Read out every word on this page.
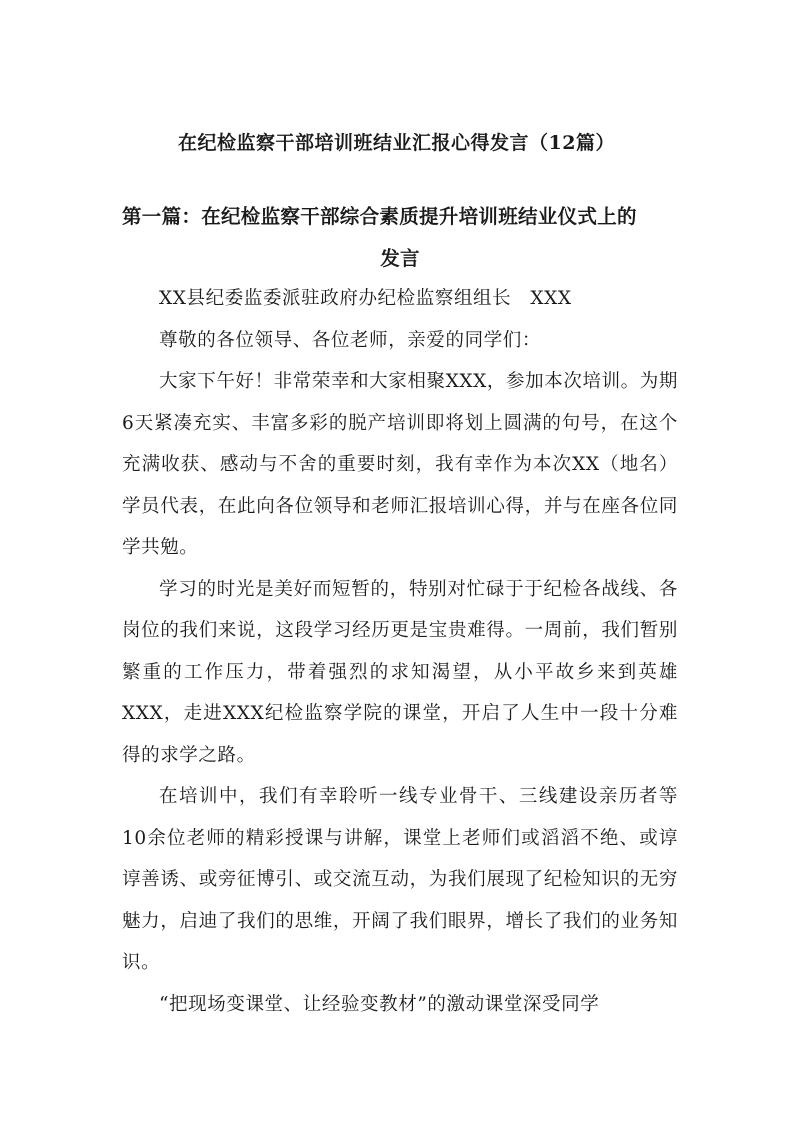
在纪检监察干部培训班结业汇报心得发言（12篇）
第一篇：在纪检监察干部综合素质提升培训班结业仪式上的
发言

XX县纪委监委派驻政府办纪检监察组组长　XXX

尊敬的各位领导、各位老师，亲爱的同学们：

大家下午好！非常荣幸和大家相聚XXX，参加本次培训。为期6天紧凑充实、丰富多彩的脱产培训即将划上圆满的句号，在这个充满收获、感动与不舍的重要时刻，我有幸作为本次XX（地名）学员代表，在此向各位领导和老师汇报培训心得，并与在座各位同学共勉。

学习的时光是美好而短暂的，特别对忙碌于于纪检各战线、各岗位的我们来说，这段学习经历更是宝贵难得。一周前，我们暂别繁重的工作压力，带着强烈的求知渴望，从小平故乡来到英雄XXX，走进XXX纪检监察学院的课堂，开启了人生中一段十分难得的求学之路。

在培训中，我们有幸聆听一线专业骨干、三线建设亲历者等10余位老师的精彩授课与讲解，课堂上老师们或滔滔不绝、或谆谆善诱、或旁征博引、或交流互动，为我们展现了纪检知识的无穷魅力，启迪了我们的思维，开阔了我们眼界，增长了我们的业务知识。

“把现场变课堂、让经验变教材”的激动课堂深受同学
